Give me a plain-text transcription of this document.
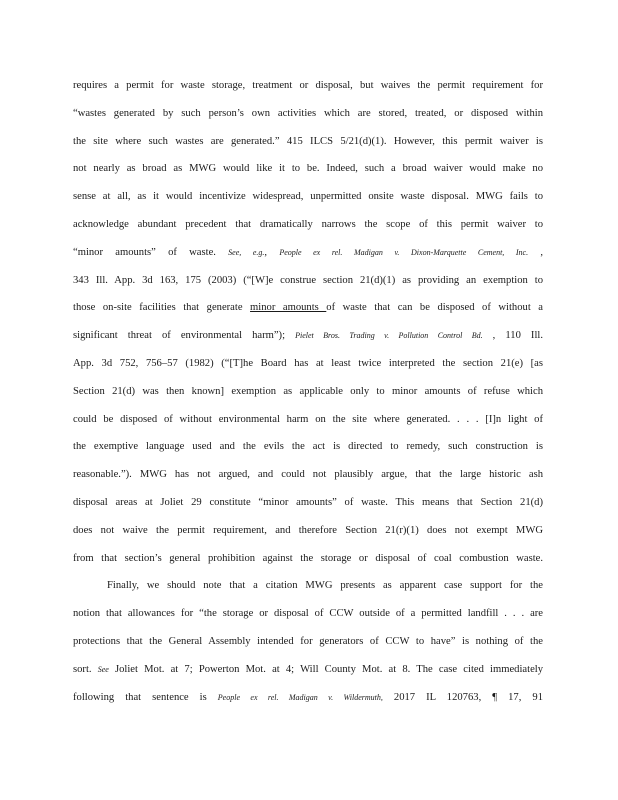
requires a permit for waste storage, treatment or disposal, but waives the permit requirement for
“wastes generated by such person’s own activities which are stored, treated, or disposed within
the site where such wastes are generated.” 415 ILCS 5/21(d)(1). However, this permit waiver is
not nearly as broad as MWG would like it to be. Indeed, such a broad waiver would make no
sense at all, as it would incentivize widespread, unpermitted onsite waste disposal. MWG fails to
acknowledge abundant precedent that dramatically narrows the scope of this permit waiver to
“minor amounts” of waste. See, e.g., People ex rel. Madigan v. Dixon-Marquette Cement, Inc. ,
343 Ill. App. 3d 163, 175 (2003) (“[W]e construe section 21(d)(1) as providing an exemption to
those on-site facilities that generate minor amounts of waste that can be disposed of without a
significant threat of environmental harm”); Pielet Bros. Trading v. Pollution Control Bd. , 110 Ill.
App. 3d 752, 756–57 (1982) (“[T]he Board has at least twice interpreted the section 21(e) [as
Section 21(d) was then known] exemption as applicable only to minor amounts of refuse which
could be disposed of without environmental harm on the site where generated. . . . [I]n light of
the exemptive language used and the evils the act is directed to remedy, such construction is
reasonable.”). MWG has not argued, and could not plausibly argue, that the large historic ash
disposal areas at Joliet 29 constitute “minor amounts” of waste. This means that Section 21(d)
does not waive the permit requirement, and therefore Section 21(r)(1) does not exempt MWG
from that section’s general prohibition against the storage or disposal of coal combustion waste.
Finally, we should note that a citation MWG presents as apparent case support for the
notion that allowances for “the storage or disposal of CCW outside of a permitted landfill . . . are
protections that the General Assembly intended for generators of CCW to have” is nothing of the
sort. See Joliet Mot. at 7; Powerton Mot. at 4; Will County Mot. at 8. The case cited immediately
following that sentence is People ex rel. Madigan v. Wildermuth, 2017 IL 120763, ¶ 17, 91
